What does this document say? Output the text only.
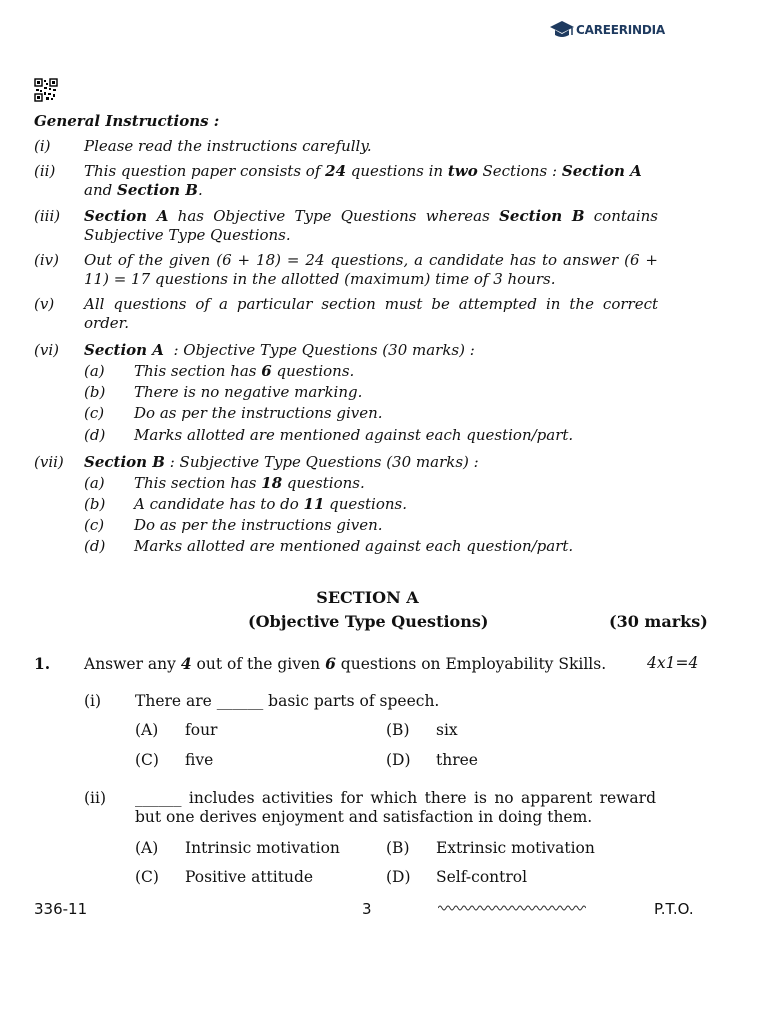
CAREERINDIA
General Instructions :
(i) Please read the instructions carefully.
(ii) This question paper consists of 24 questions in two Sections : Section A
and Section B.
(iii) Section A has Objective Type Questions whereas Section B contains Subjective Type Questions.
(iv) Out of the given (6 + 18) = 24 questions, a candidate has to answer (6 + 11) = 17 questions in the allotted (maximum) time of 3 hours.
(v) All questions of a particular section must be attempted in the correct order.
(vi) Section A  : Objective Type Questions (30 marks) :
(a) This section has 6 questions.
(b) There is no negative marking.
(c) Do as per the instructions given.
(d) Marks allotted are mentioned against each question/part.
(vii) Section B : Subjective Type Questions (30 marks) :
(a) This section has 18 questions.
(b) A candidate has to do 11 questions.
(c) Do as per the instructions given.
(d) Marks allotted are mentioned against each question/part.
SECTION A
(Objective Type Questions)	(30 marks)
1. Answer any 4 out of the given 6 questions on Employability Skills.	4x1=4
(i) There are ______ basic parts of speech.
(A) four	(B) six
(C) five	(D) three
(ii) ______ includes activities for which there is no apparent reward
but one derives enjoyment and satisfaction in doing them.
(A) Intrinsic motivation	(B) Extrinsic motivation
(C) Positive attitude	(D) Self-control
336-11	3	P.T.O.
